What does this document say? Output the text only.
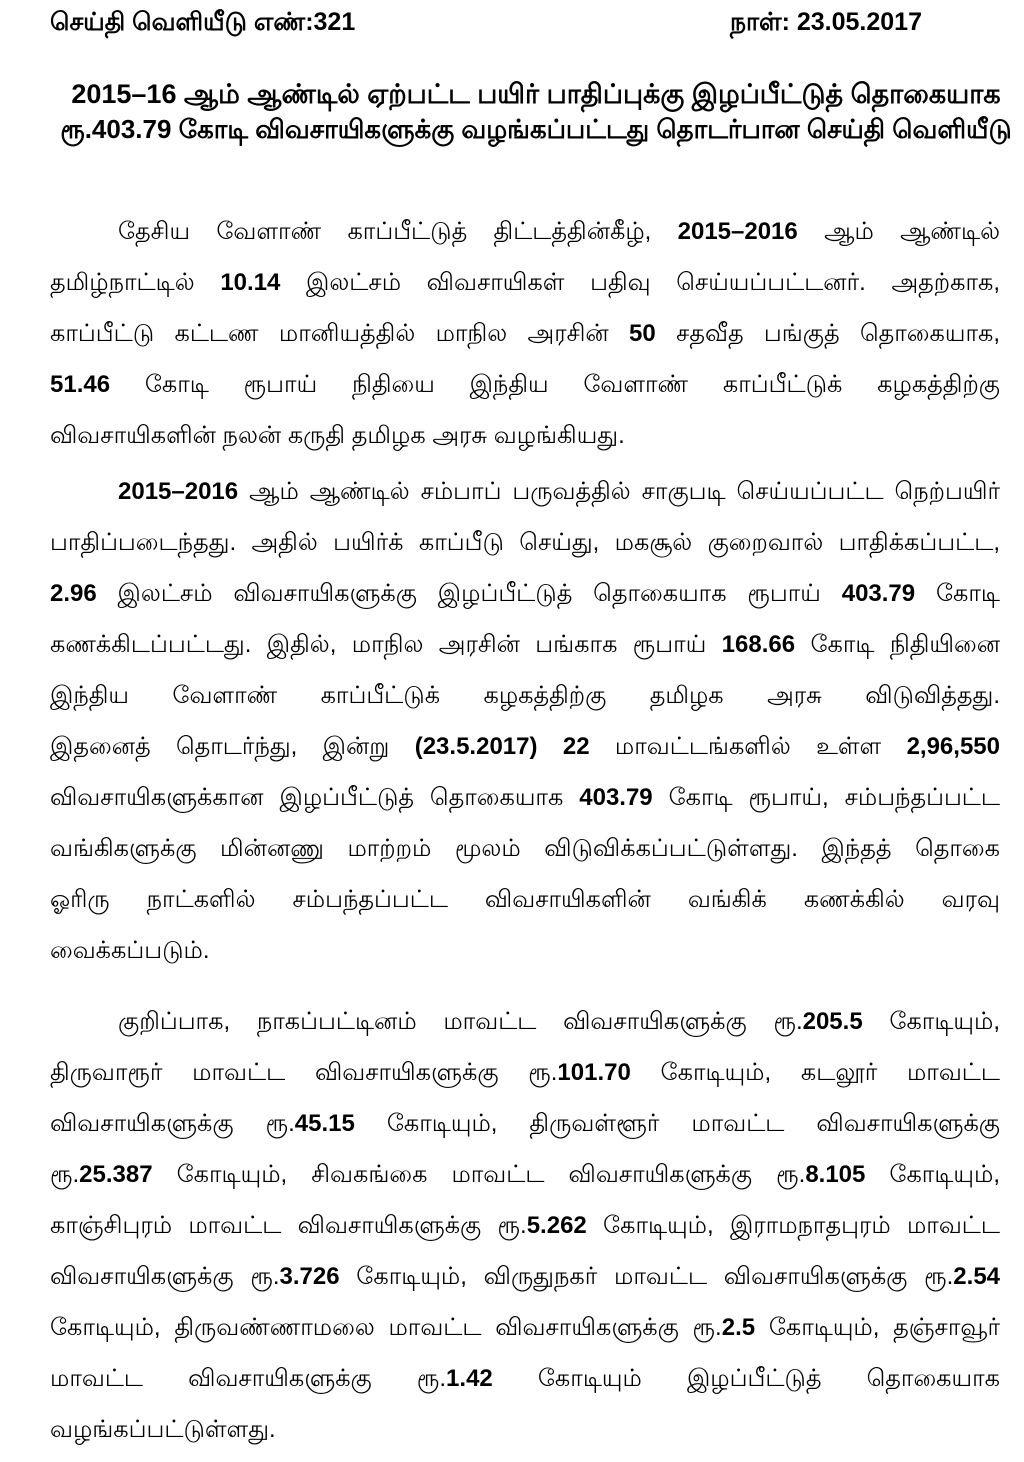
செய்தி வெளியீடு எண்:321	நாள்: 23.05.2017
2015–16 ஆம் ஆண்டில் ஏற்பட்ட பயிர் பாதிப்புக்கு இழப்பீட்டுத் தொகையாக
ரூ.403.79 கோடி விவசாயிகளுக்கு வழங்கப்பட்டது தொடர்பான செய்தி வெளியீடு
தேசிய வேளாண் காப்பீட்டுத் திட்டத்தின்கீழ், 2015–2016 ஆம் ஆண்டில்
தமிழ்நாட்டில் 10.14 இலட்சம் விவசாயிகள் பதிவு செய்யப்பட்டனர். அதற்காக,
காப்பீட்டு கட்டண மானியத்தில் மாநில அரசின் 50 சதவீத பங்குத் தொகையாக,
51.46 கோடி ரூபாய் நிதியை இந்திய வேளாண் காப்பீட்டுக் கழகத்திற்கு
விவசாயிகளின் நலன் கருதி தமிழக அரசு வழங்கியது.
2015–2016 ஆம் ஆண்டில் சம்பாப் பருவத்தில் சாகுபடி செய்யப்பட்ட நெற்பயிர்
பாதிப்படைந்தது. அதில் பயிர்க் காப்பீடு செய்து, மகசூல் குறைவால் பாதிக்கப்பட்ட,
2.96 இலட்சம் விவசாயிகளுக்கு இழப்பீட்டுத் தொகையாக ரூபாய் 403.79 கோடி
கணக்கிடப்பட்டது. இதில், மாநில அரசின் பங்காக ரூபாய் 168.66 கோடி நிதியினை
இந்திய வேளாண் காப்பீட்டுக் கழகத்திற்கு தமிழக அரசு விடுவித்தது.
இதனைத் தொடர்ந்து, இன்று (23.5.2017) 22 மாவட்டங்களில் உள்ள 2,96,550
விவசாயிகளுக்கான இழப்பீட்டுத் தொகையாக 403.79 கோடி ரூபாய், சம்பந்தப்பட்ட
வங்கிகளுக்கு மின்னணு மாற்றம் மூலம் விடுவிக்கப்பட்டுள்ளது. இந்தத் தொகை
ஓரிரு நாட்களில் சம்பந்தப்பட்ட விவசாயிகளின் வங்கிக் கணக்கில் வரவு
வைக்கப்படும்.
குறிப்பாக, நாகப்பட்டினம் மாவட்ட விவசாயிகளுக்கு ரூ.205.5 கோடியும்,
திருவாரூர் மாவட்ட விவசாயிகளுக்கு ரூ.101.70 கோடியும், கடலூர் மாவட்ட
விவசாயிகளுக்கு ரூ.45.15 கோடியும், திருவள்ளூர் மாவட்ட விவசாயிகளுக்கு
ரூ.25.387 கோடியும், சிவகங்கை மாவட்ட விவசாயிகளுக்கு ரூ.8.105 கோடியும்,
காஞ்சிபுரம் மாவட்ட விவசாயிகளுக்கு ரூ.5.262 கோடியும், இராமநாதபுரம் மாவட்ட
விவசாயிகளுக்கு ரூ.3.726 கோடியும், விருதுநகர் மாவட்ட விவசாயிகளுக்கு ரூ.2.54
கோடியும், திருவண்ணாமலை மாவட்ட விவசாயிகளுக்கு ரூ.2.5 கோடியும், தஞ்சாவூர்
மாவட்ட விவசாயிகளுக்கு ரூ.1.42 கோடியும் இழப்பீட்டுத் தொகையாக
வழங்கப்பட்டுள்ளது.
